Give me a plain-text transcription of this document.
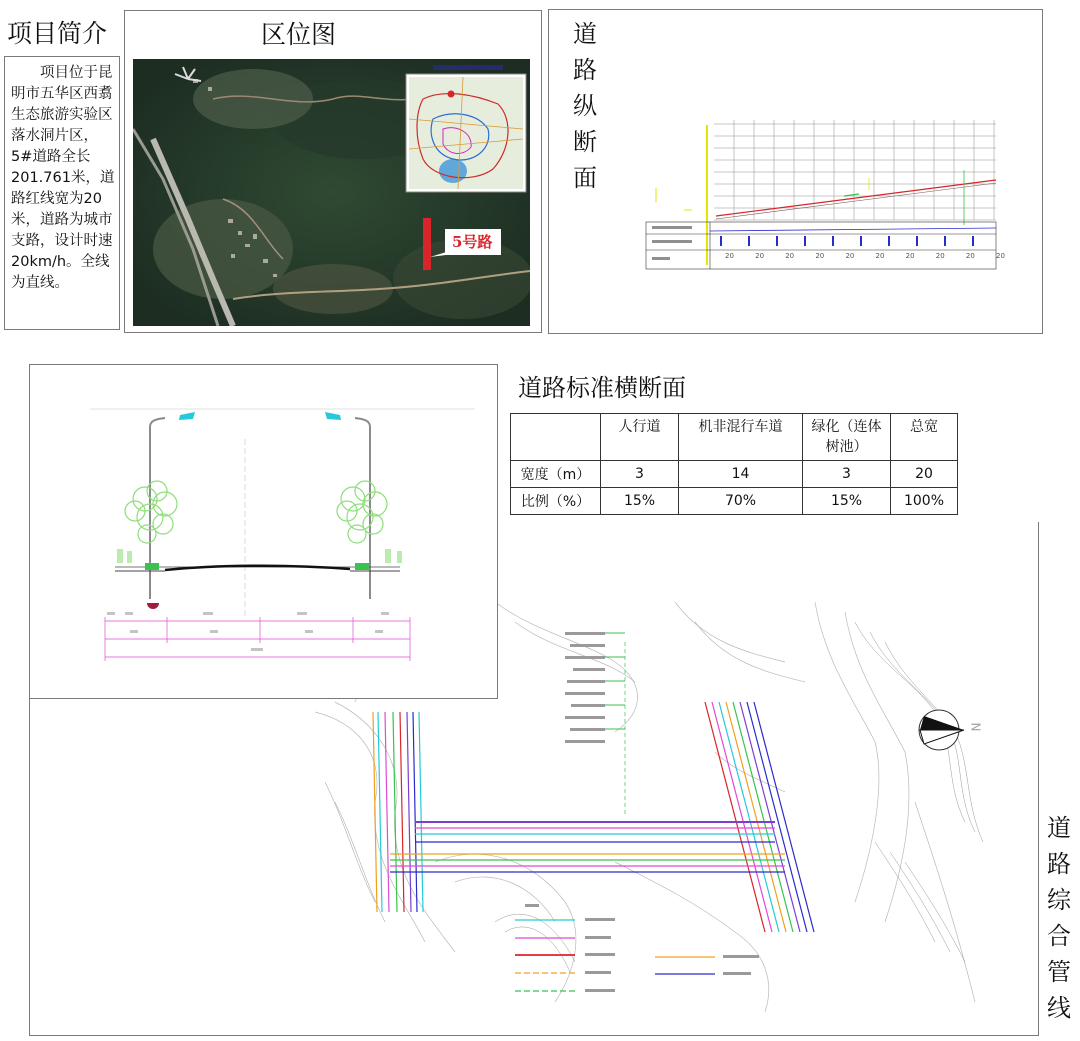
项目简介
项目位于昆明市五华区西翥生态旅游实验区落水洞片区，5#道路全长201.761米，道路红线宽为20米，道路为城市支路，设计时速20km/h。全线为直线。
区位图
5号路
道
路
纵
断
面
20	20	20	20	20	20	20	20	20	20
N
道
路
综
合
管
线
道路标准横断面
	人行道	机非混行车道	绿化（连体树池）	总宽
宽度（m）	3	14	3	20
比例（%）	15%	70%	15%	100%
